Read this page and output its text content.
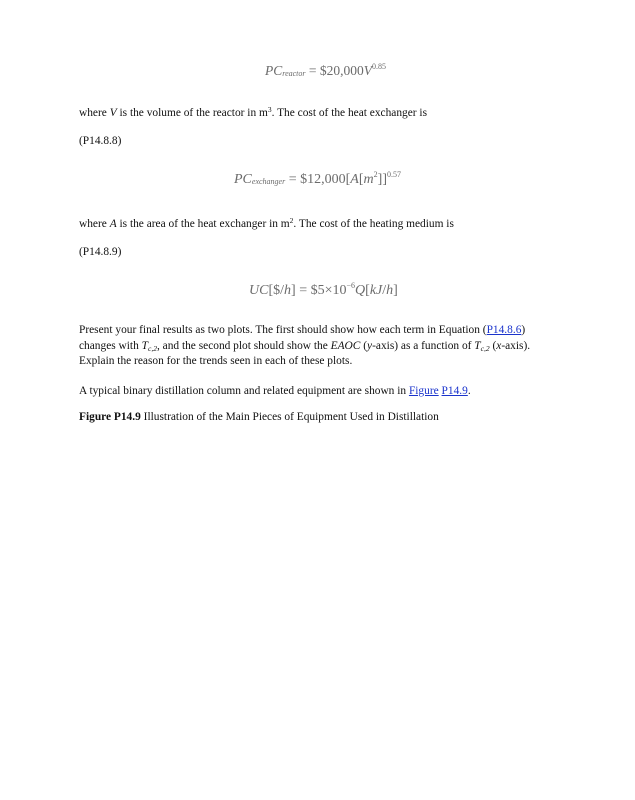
$PC_{reactor}$ = $\$20,000V^{0.85}$
where V is the volume of the reactor in $m^3$. The cost of the heat exchanger is
(P14.8.8)
$PC_{exchanger}$ = $\$12,000[A[m^2]]^{0.57}$
where A is the area of the heat exchanger in $m^2$. The cost of the heating medium is
(P14.8.9)
UC[$/h] = $\$5\times 10^{-6}Q[kJ/h]$
Present your final results as two plots. The first should show how each term in Equation (P14.8.6)
changes with $T_{c,2}$, and the second plot should show the EAOC (y-axis) as a function of $T_{c,2}$ (x-axis).
Explain the reason for the trends seen in each of these plots.
A typical binary distillation column and related equipment are shown in Figure P14.9.
Figure P14.9 Illustration of the Main Pieces of Equipment Used in Distillation
